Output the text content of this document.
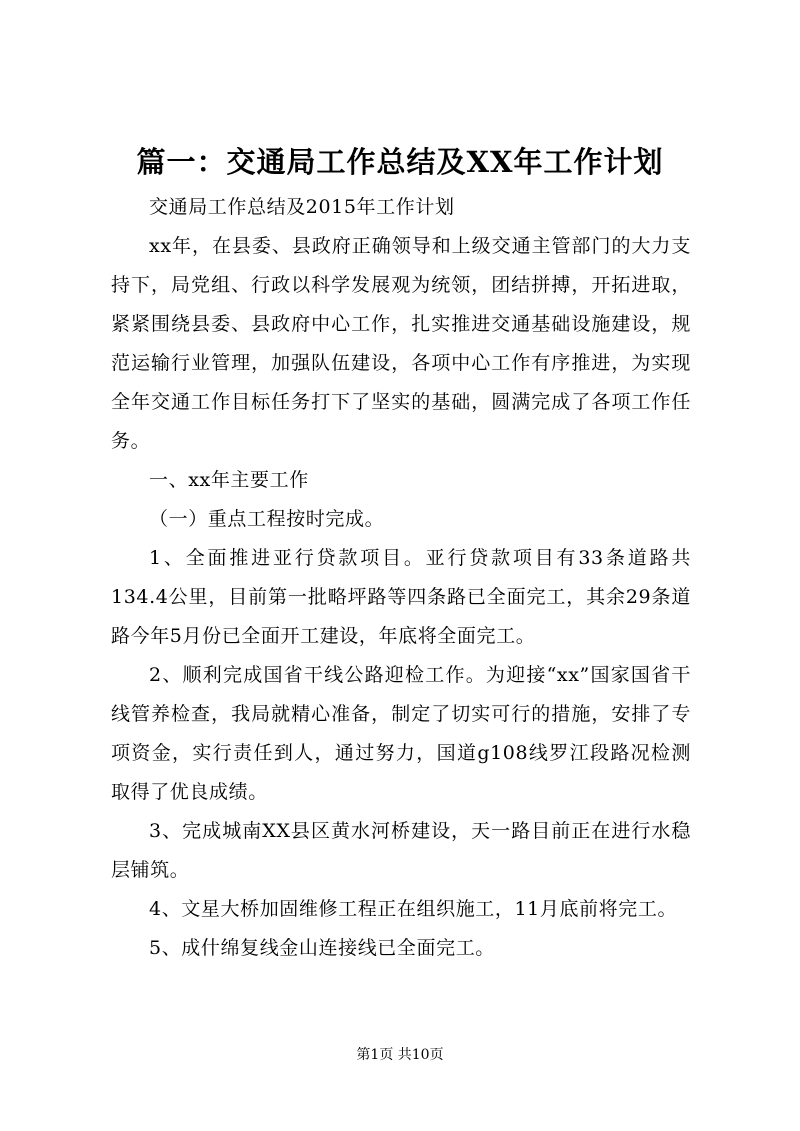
篇一：交通局工作总结及XX年工作计划

交通局工作总结及2015年工作计划

xx年，在县委、县政府正确领导和上级交通主管部门的大力支持下，局党组、行政以科学发展观为统领，团结拼搏，开拓进取，紧紧围绕县委、县政府中心工作，扎实推进交通基础设施建设，规范运输行业管理，加强队伍建设，各项中心工作有序推进，为实现全年交通工作目标任务打下了坚实的基础，圆满完成了各项工作任务。

一、xx年主要工作

（一）重点工程按时完成。

1、全面推进亚行贷款项目。亚行贷款项目有33条道路共134.4公里，目前第一批略坪路等四条路已全面完工，其余29条道路今年5月份已全面开工建设，年底将全面完工。

2、顺利完成国省干线公路迎检工作。为迎接“xx”国家国省干线管养检查，我局就精心准备，制定了切实可行的措施，安排了专项资金，实行责任到人，通过努力，国道g108线罗江段路况检测取得了优良成绩。

3、完成城南XX县区黄水河桥建设，天一路目前正在进行水稳层铺筑。

4、文星大桥加固维修工程正在组织施工，11月底前将完工。

5、成什绵复线金山连接线已全面完工。

第1页 共10页
